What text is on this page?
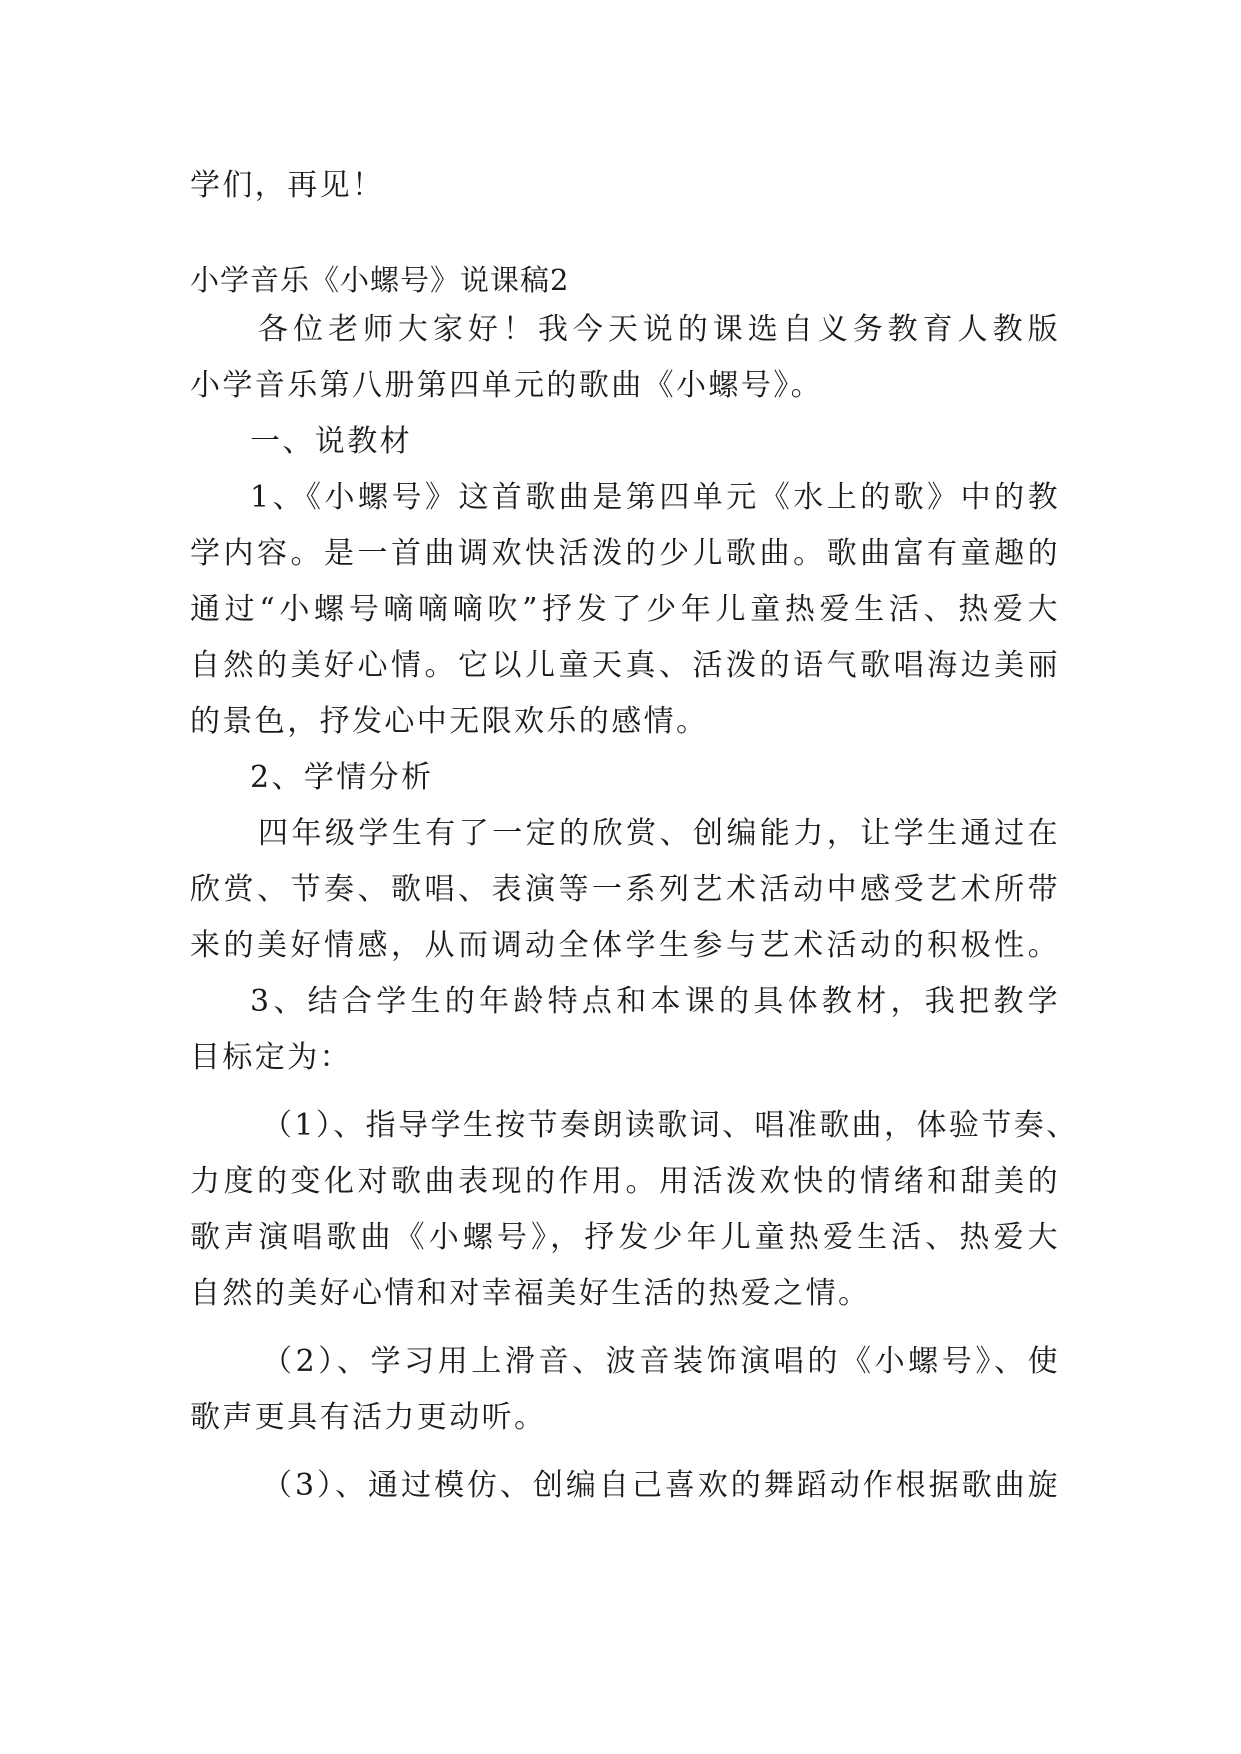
学们，再见！
小学音乐《小螺号》说课稿2
各位老师大家好！我今天说的课选自义务教育人教版
小学音乐第八册第四单元的歌曲《小螺号》。
一、说教材
1、《小螺号》这首歌曲是第四单元《水上的歌》中的教
学内容。是一首曲调欢快活泼的少儿歌曲。歌曲富有童趣的
通过“小螺号嘀嘀嘀吹”抒发了少年儿童热爱生活、热爱大
自然的美好心情。它以儿童天真、活泼的语气歌唱海边美丽
的景色，抒发心中无限欢乐的感情。
2、学情分析
四年级学生有了一定的欣赏、创编能力，让学生通过在
欣赏、节奏、歌唱、表演等一系列艺术活动中感受艺术所带
来的美好情感，从而调动全体学生参与艺术活动的积极性。
3、结合学生的年龄特点和本课的具体教材，我把教学
目标定为：
（1）、指导学生按节奏朗读歌词、唱准歌曲，体验节奏、
力度的变化对歌曲表现的作用。用活泼欢快的情绪和甜美的
歌声演唱歌曲《小螺号》，抒发少年儿童热爱生活、热爱大
自然的美好心情和对幸福美好生活的热爱之情。
（2）、学习用上滑音、波音装饰演唱的《小螺号》、使
歌声更具有活力更动听。
（3）、通过模仿、创编自己喜欢的舞蹈动作根据歌曲旋
